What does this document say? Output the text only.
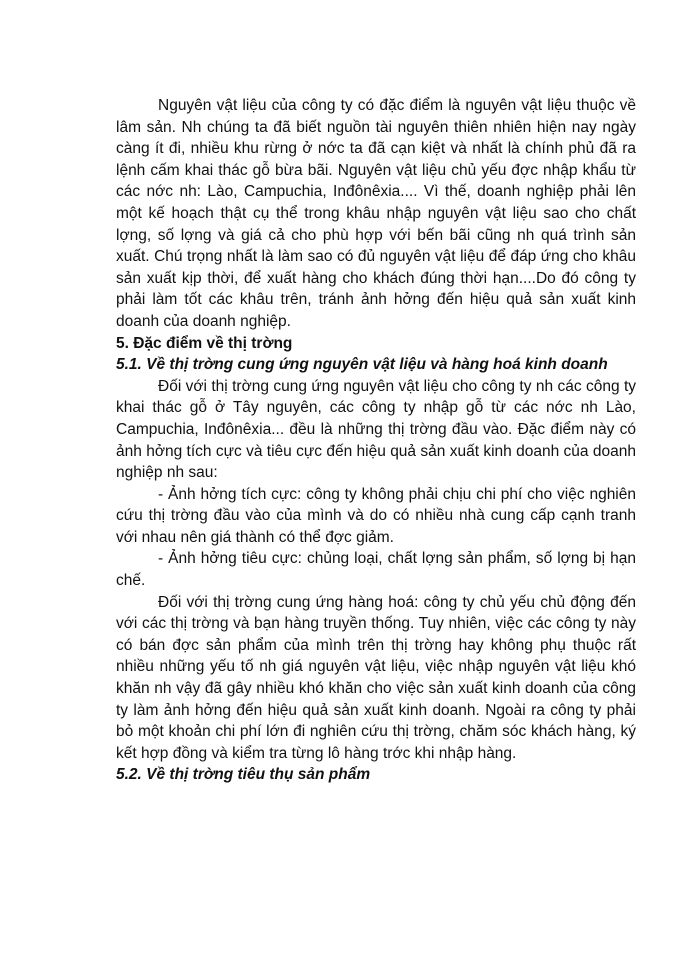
Nguyên vật liệu của công ty có đặc điểm là nguyên vật liệu thuộc về lâm sản. Nh chúng ta đã biết nguồn tài nguyên thiên nhiên hiện nay ngày càng ít đi, nhiều khu rừng ở nớc ta đã cạn kiệt và nhất là chính phủ đã ra lệnh cấm khai thác gỗ bừa bãi. Nguyên vật liệu chủ yếu đợc nhập khẩu từ các nớc nh: Lào, Campuchia, Inđônêxia.... Vì thế, doanh nghiệp phải lên một kế hoạch thật cụ thể trong khâu nhập nguyên vật liệu sao cho chất lợng, số lợng và giá cả cho phù hợp với bến bãi cũng nh quá trình sản xuất. Chú trọng nhất là làm sao có đủ nguyên vật liệu để đáp ứng cho khâu sản xuất kịp thời, để xuất hàng cho khách đúng thời hạn....Do đó công ty phải làm tốt các khâu trên, tránh ảnh hởng đến hiệu quả sản xuất kinh doanh của doanh nghiệp.

5. Đặc điểm về thị trờng

5.1. Về thị trờng cung ứng nguyên vật liệu và hàng hoá kinh doanh

Đối với thị trờng cung ứng nguyên vật liệu cho công ty nh các công ty khai thác gỗ ở Tây nguyên, các công ty nhập gỗ từ các nớc nh Lào, Campuchia, Inđônêxia... đều là những thị trờng đầu vào. Đặc điểm này có ảnh hởng tích cực và tiêu cực đến hiệu quả sản xuất kinh doanh của doanh nghiệp nh sau:

- Ảnh hởng tích cực: công ty không phải chịu chi phí cho việc nghiên cứu thị trờng đầu vào của mình và do có nhiều nhà cung cấp cạnh tranh với nhau nên giá thành có thể đợc giảm.

- Ảnh hởng tiêu cực: chủng loại, chất lợng sản phẩm, số lợng bị hạn chế.

Đối với thị trờng cung ứng hàng hoá: công ty chủ yếu chủ động đến với các thị trờng và bạn hàng truyền thống. Tuy nhiên, việc các công ty này có bán đợc sản phẩm của mình trên thị trờng hay không phụ thuộc rất nhiều những yếu tố nh giá nguyên vật liệu, việc nhập nguyên vật liệu khó khăn nh vậy đã gây nhiều khó khăn cho việc sản xuất kinh doanh của công ty làm ảnh hởng đến hiệu quả sản xuất kinh doanh. Ngoài ra công ty phải bỏ một khoản chi phí lớn đi nghiên cứu thị trờng, chăm sóc khách hàng, ký kết hợp đồng và kiểm tra từng lô hàng trớc khi nhập hàng.

5.2. Về thị trờng tiêu thụ sản phẩm
